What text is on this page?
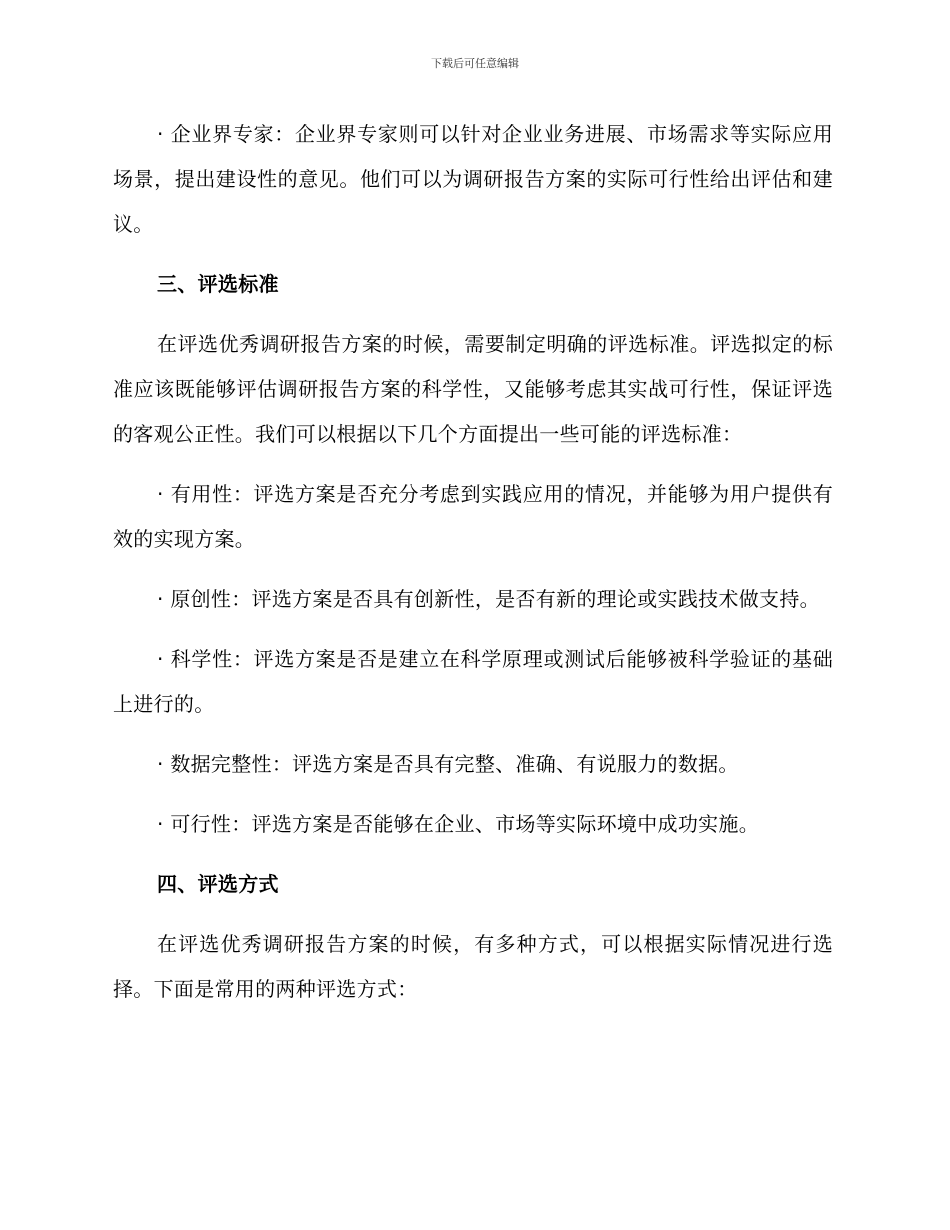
下载后可任意编辑

· 企业界专家：企业界专家则可以针对企业业务进展、市场需求等实际应用场景，提出建设性的意见。他们可以为调研报告方案的实际可行性给出评估和建议。

三、评选标准

在评选优秀调研报告方案的时候，需要制定明确的评选标准。评选拟定的标准应该既能够评估调研报告方案的科学性，又能够考虑其实战可行性，保证评选的客观公正性。我们可以根据以下几个方面提出一些可能的评选标准：

· 有用性：评选方案是否充分考虑到实践应用的情况，并能够为用户提供有效的实现方案。

· 原创性：评选方案是否具有创新性，是否有新的理论或实践技术做支持。

· 科学性：评选方案是否是建立在科学原理或测试后能够被科学验证的基础上进行的。

· 数据完整性：评选方案是否具有完整、准确、有说服力的数据。

· 可行性：评选方案是否能够在企业、市场等实际环境中成功实施。

四、评选方式

在评选优秀调研报告方案的时候，有多种方式，可以根据实际情况进行选择。下面是常用的两种评选方式：
